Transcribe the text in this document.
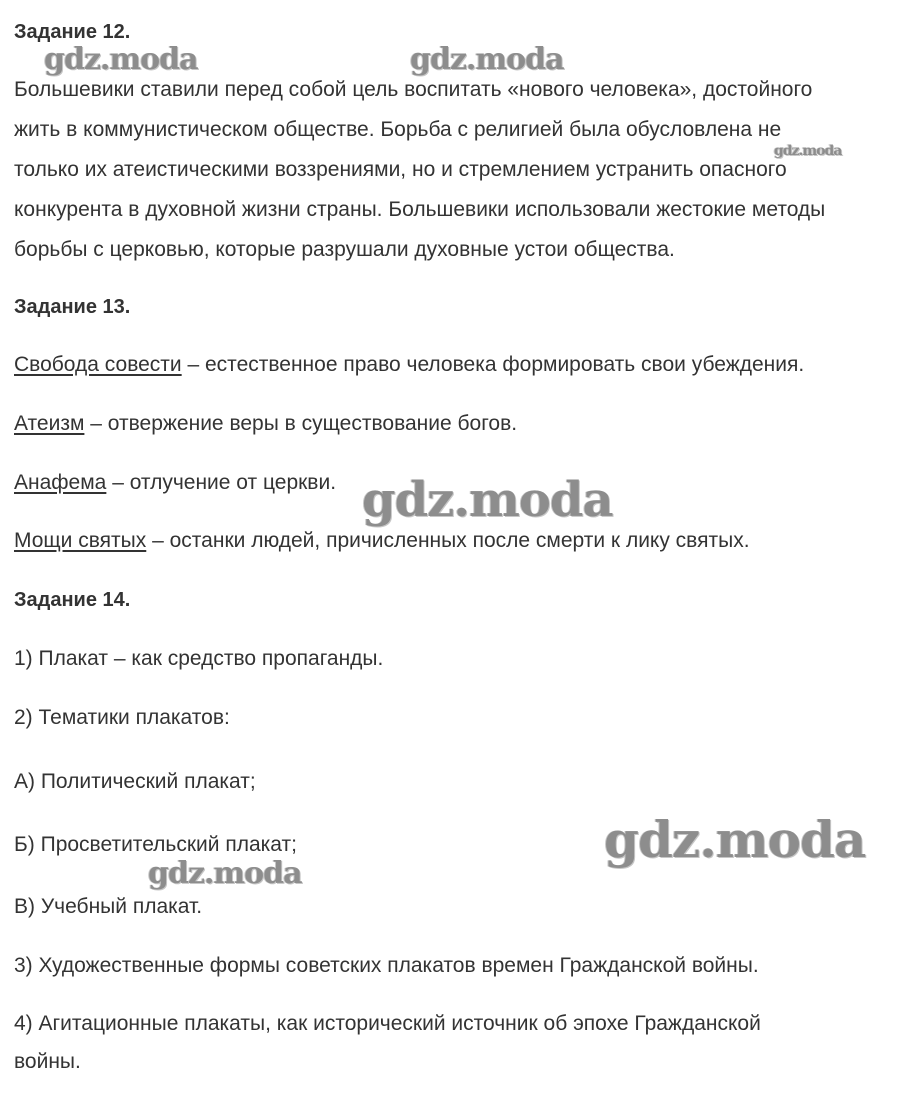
Задание 12.
Большевики ставили перед собой цель воспитать «нового человека», достойного
жить в коммунистическом обществе. Борьба с религией была обусловлена не
только их атеистическими воззрениями, но и стремлением устранить опасного
конкурента в духовной жизни страны. Большевики использовали жестокие методы
борьбы с церковью, которые разрушали духовные устои общества.
Задание 13.
Свобода совести – естественное право человека формировать свои убеждения.
Атеизм – отвержение веры в существование богов.
Анафема – отлучение от церкви.
Мощи святых – останки людей, причисленных после смерти к лику святых.
Задание 14.
1) Плакат – как средство пропаганды.
2) Тематики плакатов:
А) Политический плакат;
Б) Просветительский плакат;
В) Учебный плакат.
3) Художественные формы советских плакатов времен Гражданской войны.
4) Агитационные плакаты, как исторический источник об эпохе Гражданской
войны.
gdz.moda	gdz.moda
gdz.moda
gdz.moda
gdz.moda
gdz.moda
